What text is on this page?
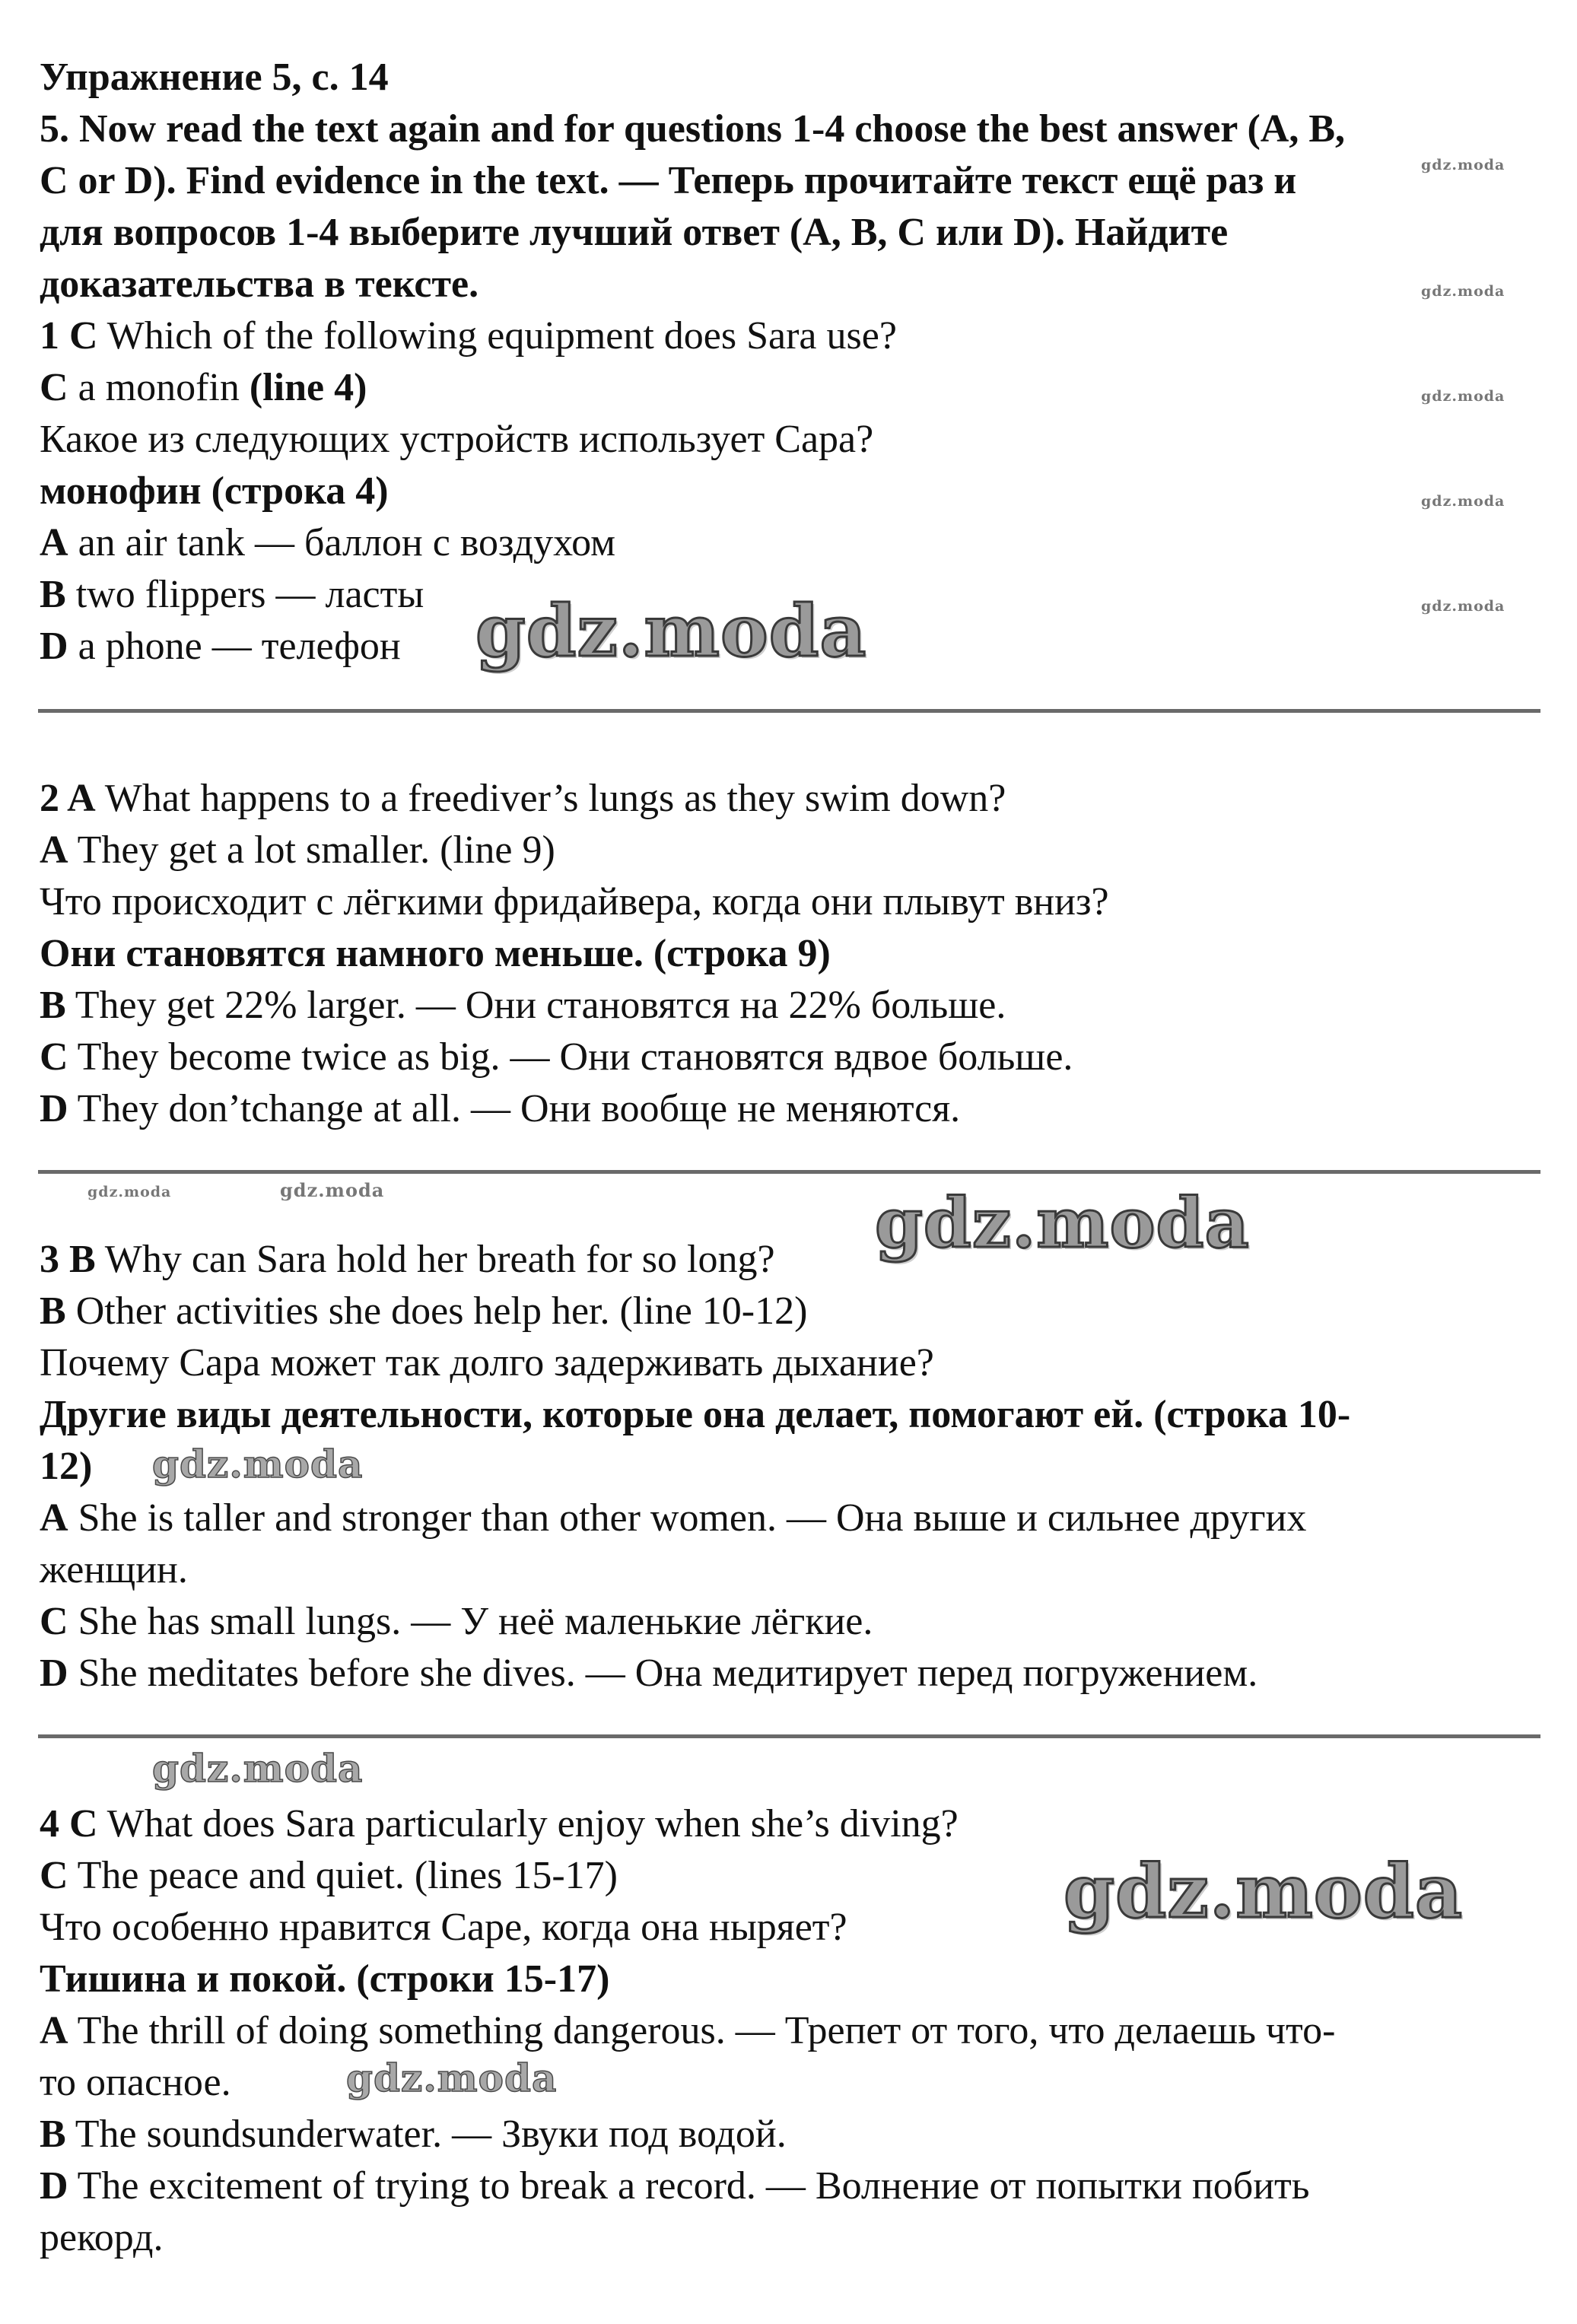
Упражнение 5, с. 14
5. Now read the text again and for questions 1-4 choose the best answer (A, B,
C or D). Find evidence in the text. — Теперь прочитайте текст ещё раз и
для вопросов 1-4 выберите лучший ответ (A, B, C или D). Найдите
доказательства в тексте.
1 C Which of the following equipment does Sara use?
C a monofin (line 4)
Какое из следующих устройств использует Сара?
монофин (строка 4)
A an air tank — баллон с воздухом
B two flippers — ласты
D a phone — телефон
2 A What happens to a freediver’s lungs as they swim down?
A They get a lot smaller. (line 9)
Что происходит с лёгкими фридайвера, когда они плывут вниз?
Они становятся намного меньше. (строка 9)
B They get 22% larger. — Они становятся на 22% больше.
C They become twice as big. — Они становятся вдвое больше.
D They don’tchange at all. — Они вообще не меняются.
3 B Why can Sara hold her breath for so long?
B Other activities she does help her. (line 10-12)
Почему Сара может так долго задерживать дыхание?
Другие виды деятельности, которые она делает, помогают ей. (строка 10-
12)
A She is taller and stronger than other women. — Она выше и сильнее других
женщин.
C She has small lungs. — У неё маленькие лёгкие.
D She meditates before she dives. — Она медитирует перед погружением.
4 C What does Sara particularly enjoy when she’s diving?
C The peace and quiet. (lines 15-17)
Что особенно нравится Саре, когда она ныряет?
Тишина и покой. (строки 15-17)
A The thrill of doing something dangerous. — Трепет от того, что делаешь что-
то опасное.
B The soundsunderwater. — Звуки под водой.
D The excitement of trying to break a record. — Волнение от попытки побить
рекорд.
gdz.moda
gdz.moda
gdz.moda
gdz.moda
gdz.moda
gdz.moda
gdz.moda	gdz.moda	gdz.moda
gdz.moda
gdz.moda
gdz.moda
gdz.moda
